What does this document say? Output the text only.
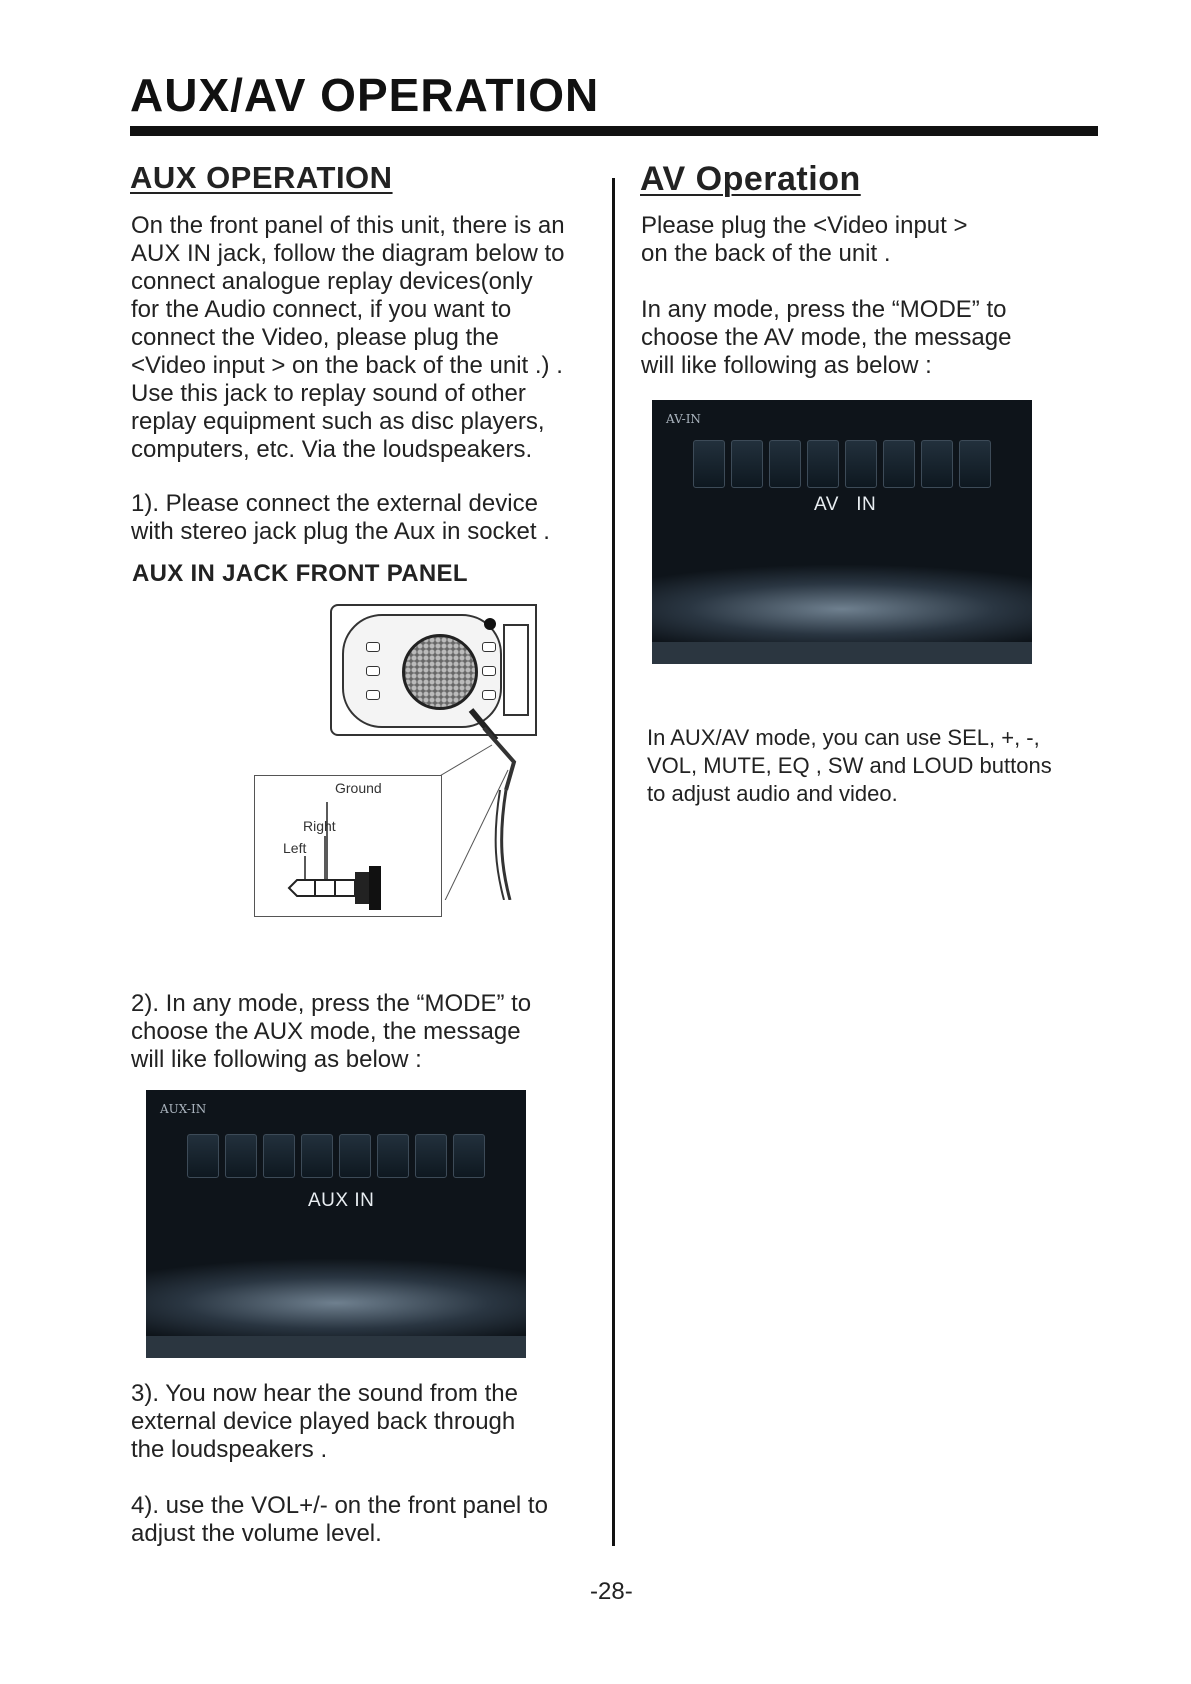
AUX/AV OPERATION
AUX OPERATION
On the front panel of this unit, there is an
AUX IN jack, follow the diagram below to
connect analogue replay devices(only
for the Audio connect, if you want to
connect the Video, please plug the
<Video input > on the back of the unit .) .
Use this jack to replay sound of other
replay equipment such as disc players,
computers, etc. Via the loudspeakers.
1). Please connect the external device
with stereo jack plug the Aux in socket .
AUX IN JACK FRONT PANEL
Ground
Right
Left
2). In any mode, press the “MODE” to
choose the AUX mode, the message
will like following as below :
AUX-IN
AUX IN
3). You now hear the sound from the
external device played back through
the loudspeakers .
4). use the VOL+/- on the front panel to
adjust the volume level.
AV Operation
Please plug the <Video input >
on the back of the unit .
In any mode, press the “MODE” to
choose the AV mode, the message
will like following as below :
AV-IN
AV   IN
In AUX/AV mode, you can use SEL, +, -,
VOL, MUTE, EQ , SW and LOUD buttons
to adjust audio and video.
-28-
